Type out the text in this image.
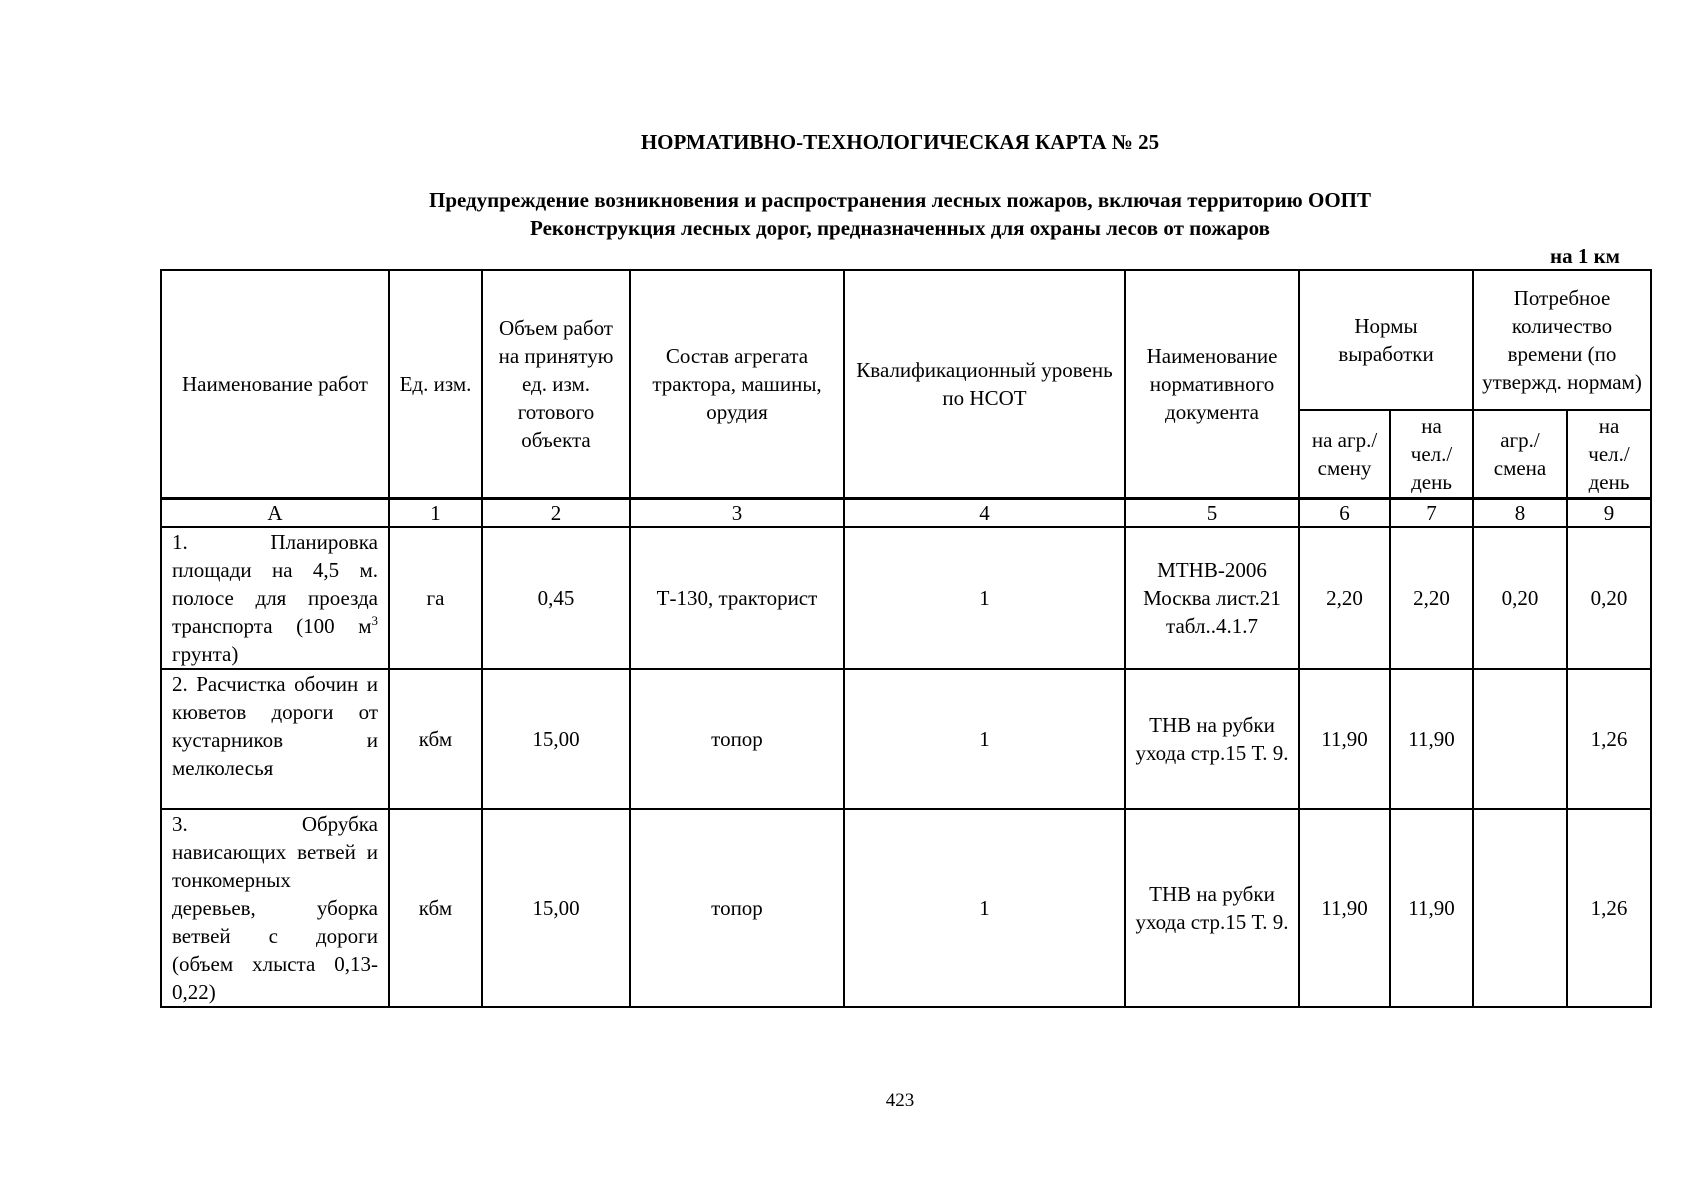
НОРМАТИВНО-ТЕХНОЛОГИЧЕСКАЯ КАРТА № 25
Предупреждение возникновения и распространения лесных пожаров, включая территорию ООПТ
Реконструкция лесных дорог, предназначенных для охраны лесов от пожаров
на 1 км
Наименование работ	Ед. изм.	Объем работ на принятую ед. изм. готового объекта	Состав агрегата трактора, машины, орудия	Квалификационный уровень по НСОТ	Наименование нормативного документа	Нормы выработки		Потребное количество времени (по утвержд. нормам)	
						на агр./ смену	на чел./ день	агр./ смена	на чел./ день
А	1	2	3	4	5	6	7	8	9
1. Планировка площади на 4,5 м. полосе для проезда транспорта (100 $м^3$ грунта)	га	0,45	Т-130, тракторист	1	МТНВ-2006 Москва лист.21 табл..4.1.7	2,20	2,20	0,20	0,20
2. Расчистка обочин и кюветов дороги от кустарников и мелколесья	кбм	15,00	топор	1	ТНВ на рубки ухода стр.15 Т. 9.	11,90	11,90		1,26
3. Обрубка нависающих ветвей и тонкомерных деревьев, уборка ветвей с дороги (объем хлыста 0,13-0,22)	кбм	15,00	топор	1	ТНВ на рубки ухода стр.15 Т. 9.	11,90	11,90		1,26
423
